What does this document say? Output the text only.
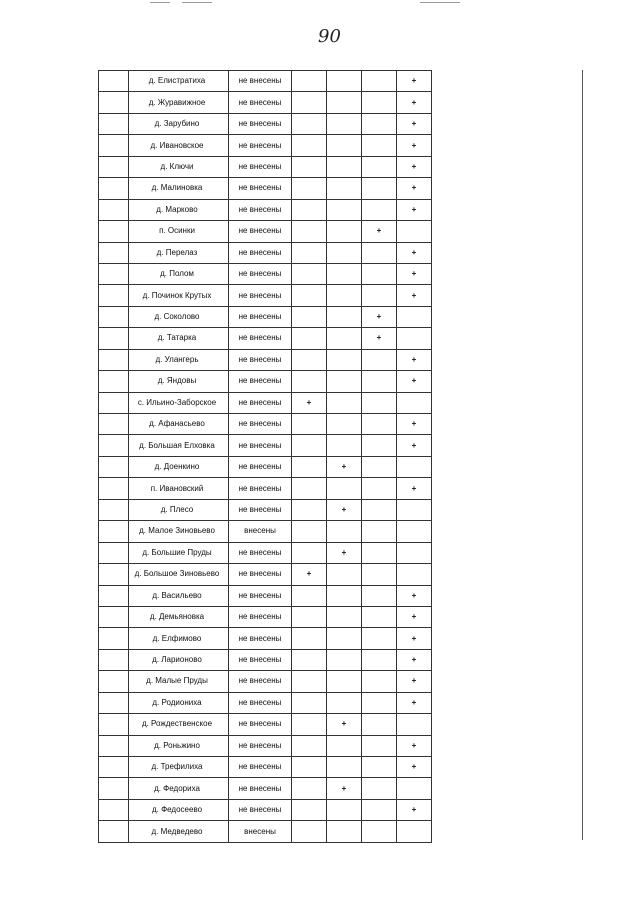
90
	д. Елистратиха	не внесены				+
	д. Журавижное	не внесены				+
	д. Зарубино	не внесены				+
	д. Ивановское	не внесены				+
	д. Ключи	не внесены				+
	д. Малиновка	не внесены				+
	д. Марково	не внесены				+
	п. Осинки	не внесены			+	
	д. Перелаз	не внесены				+
	д. Полом	не внесены				+
	д. Починок Крутых	не внесены				+
	д. Соколово	не внесены			+	
	д. Татарка	не внесены			+	
	д. Улангерь	не внесены				+
	д. Яндовы	не внесены				+
	с. Ильино-Заборское	не внесены	+			
	д. Афанасьево	не внесены				+
	д. Большая Елховка	не внесены				+
	д. Доенкино	не внесены		+		
	п. Ивановский	не внесены				+
	д. Плесо	не внесены		+		
	д. Малое Зиновьево	внесены				
	д. Большие Пруды	не внесены		+		
	д. Большое Зиновьево	не внесены	+			
	д. Васильево	не внесены				+
	д. Демьяновка	не внесены				+
	д. Елфимово	не внесены				+
	д. Ларионово	не внесены				+
	д. Малые Пруды	не внесены				+
	д. Родиониха	не внесены				+
	д. Рождественское	не внесены		+		
	д. Роньжино	не внесены				+
	д. Трефилиха	не внесены				+
	д. Федориха	не внесены		+		
	д. Федосеево	не внесены				+
	д. Медведево	внесены				
